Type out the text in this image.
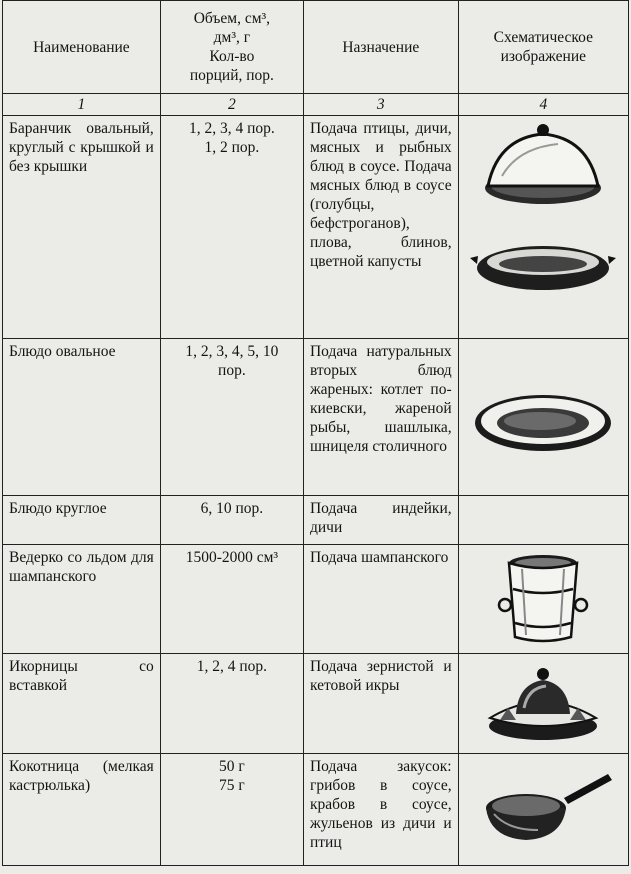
Наименование	Объем, см³,
дм³, г
Кол-во
порций, пор.	Назначение	Схематическое
изображение

1	2	3	4
Баранчик овальный, круглый с крышкой и без крышки	1, 2, 3, 4 пор.
1, 2 пор.	Подача птицы, дичи, мясных и рыбных блюд в соусе. Подача мясных блюд в соусе (голубцы, бефстроганов), плова, блинов, цветной капусты	

Блюдо овальное	1, 2, 3, 4, 5, 10
пор.	Подача натуральных вторых блюд жареных: котлет по-киевски, жареной рыбы, шашлыка, шницеля столичного	

Блюдо круглое	6, 10 пор.	Подача индейки, дичи	
Ведерко со льдом для шампанского	1500-2000 см³	Подача шампанского	

Икорницы со вставкой	1, 2, 4 пор.	Подача зернистой и кетовой икры	

Кокотница (мелкая кастрюлька)	50 г
75 г	Подача закусок: грибов в соусе, крабов в соусе, жульенов из дичи и птиц	
